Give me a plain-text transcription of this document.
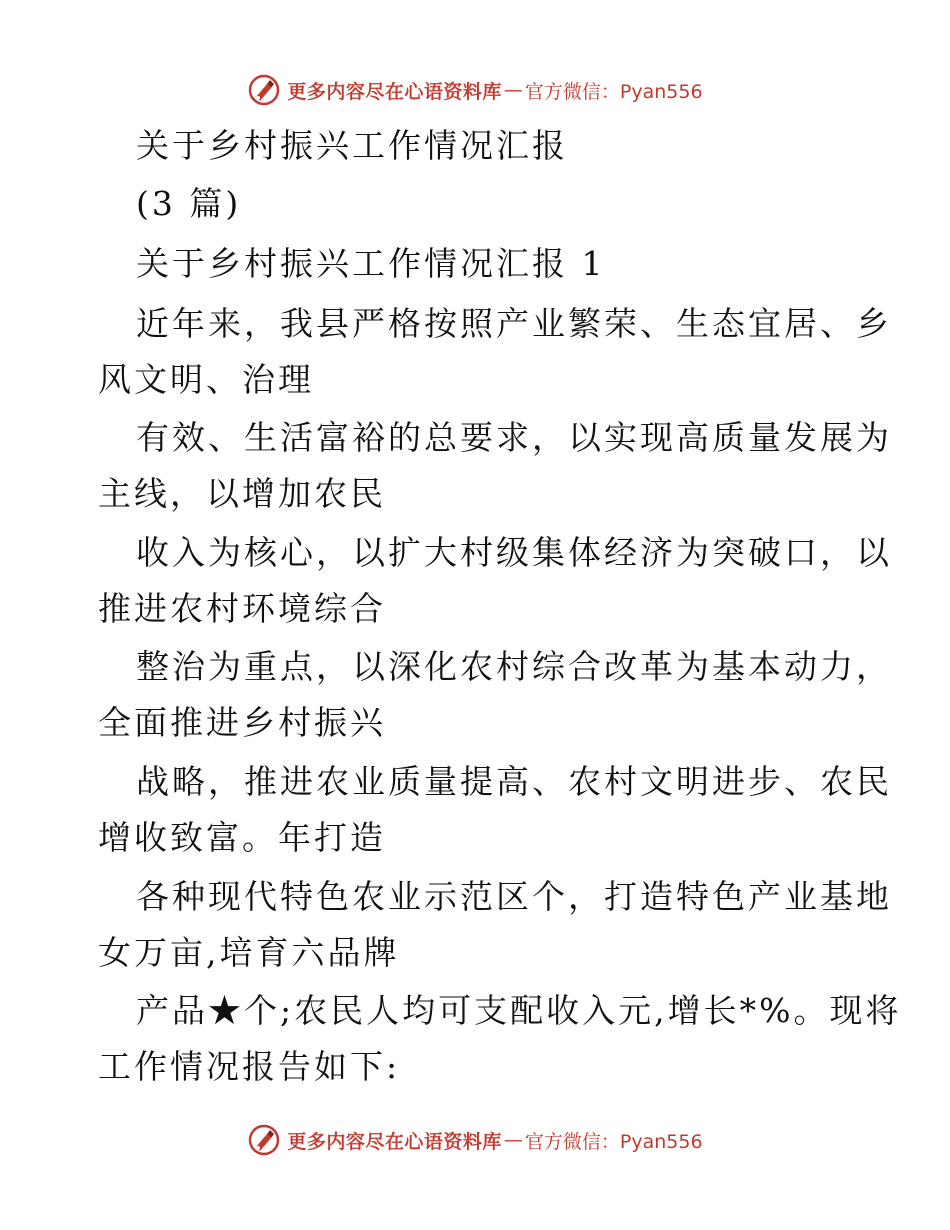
更多内容尽在心语资料库 — 官方微信：Pyan556
关于乡村振兴工作情况汇报
(3 篇)
关于乡村振兴工作情况汇报 1
近年来，我县严格按照产业繁荣、生态宜居、乡
风文明、治理
有效、生活富裕的总要求，以实现高质量发展为
主线，以增加农民
收入为核心，以扩大村级集体经济为突破口，以
推进农村环境综合
整治为重点，以深化农村综合改革为基本动力，
全面推进乡村振兴
战略，推进农业质量提高、农村文明进步、农民
增收致富。年打造
各种现代特色农业示范区个，打造特色产业基地
女万亩,培育六品牌
产品★个;农民人均可支配收入元,增长*%。现将
工作情况报告如下:
更多内容尽在心语资料库 — 官方微信：Pyan556
